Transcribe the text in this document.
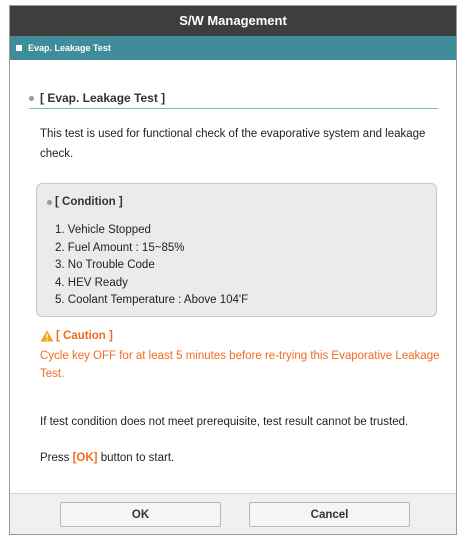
S/W Management
Evap. Leakage Test
[ Evap. Leakage Test ]
This test is used for functional check of the evaporative system and leakage check.
[ Condition ]
1. Vehicle Stopped
2. Fuel Amount : 15~85%
3. No Trouble Code
4. HEV Ready
5. Coolant Temperature : Above 104'F
[ Caution ]
Cycle key OFF for at least 5 minutes before re-trying this Evaporative Leakage Test.
If test condition does not meet prerequisite, test result cannot be trusted.
Press [OK] button to start.
OK	Cancel
